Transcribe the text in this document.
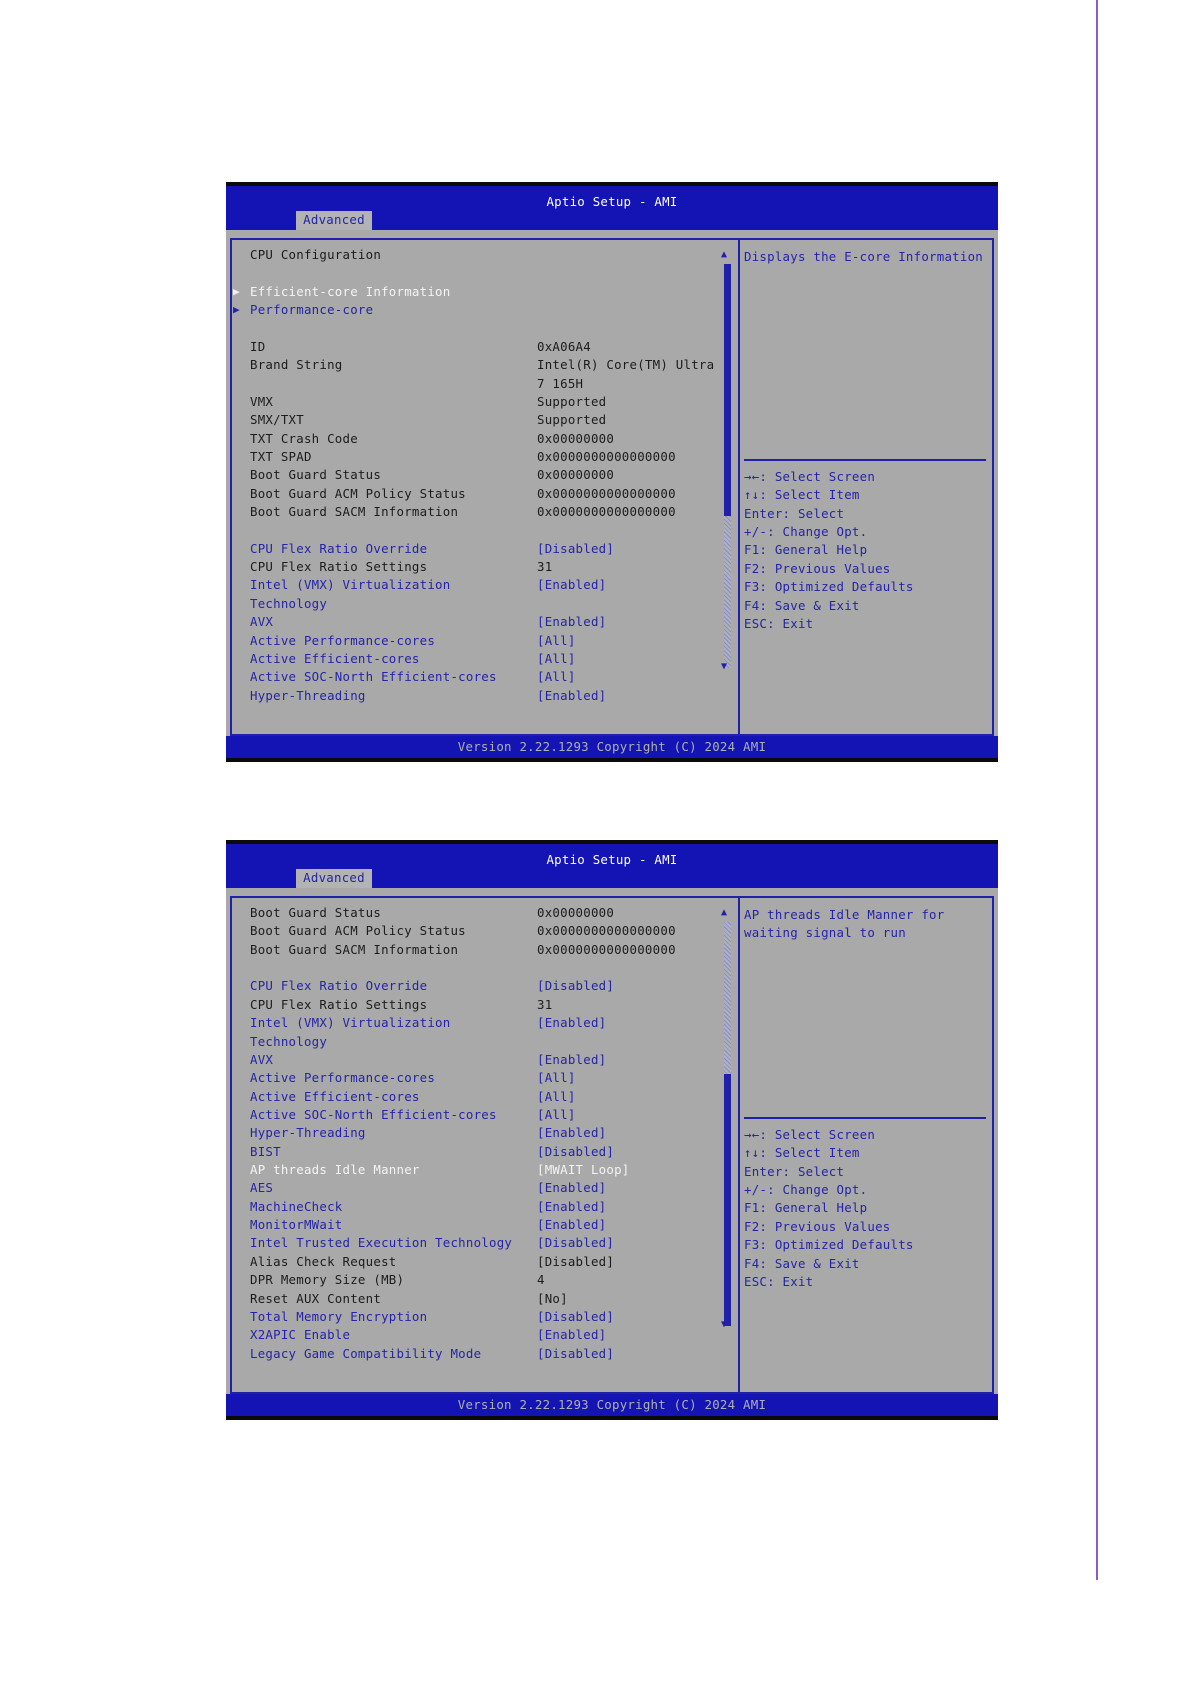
Aptio Setup - AMI
Advanced
CPU Configuration
▶ Efficient-core Information
▶ Performance-core
ID	0xA06A4
Brand String	Intel(R) Core(TM) Ultra
7 165H
VMX	Supported
SMX/TXT	Supported
TXT Crash Code	0x00000000
TXT SPAD	0x0000000000000000
Boot Guard Status	0x00000000
Boot Guard ACM Policy Status	0x0000000000000000
Boot Guard SACM Information	0x0000000000000000
CPU Flex Ratio Override	[Disabled]
CPU Flex Ratio Settings	31
Intel (VMX) Virtualization	[Enabled]
Technology
AVX	[Enabled]
Active Performance-cores	[All]
Active Efficient-cores	[All]
Active SOC-North Efficient-cores	[All]
Hyper-Threading	[Enabled]
▲
▼
Displays the E-core Information
→←: Select Screen
↑↓: Select Item
Enter: Select
+/-: Change Opt.
F1: General Help
F2: Previous Values
F3: Optimized Defaults
F4: Save & Exit
ESC: Exit
Version 2.22.1293 Copyright (C) 2024 AMI
Aptio Setup - AMI
Advanced
Boot Guard Status	0x00000000
Boot Guard ACM Policy Status	0x0000000000000000
Boot Guard SACM Information	0x0000000000000000
CPU Flex Ratio Override	[Disabled]
CPU Flex Ratio Settings	31
Intel (VMX) Virtualization	[Enabled]
Technology
AVX	[Enabled]
Active Performance-cores	[All]
Active Efficient-cores	[All]
Active SOC-North Efficient-cores	[All]
Hyper-Threading	[Enabled]
BIST	[Disabled]
AP threads Idle Manner	[MWAIT Loop]
AES	[Enabled]
MachineCheck	[Enabled]
MonitorMWait	[Enabled]
Intel Trusted Execution Technology [Disabled]
Alias Check Request	[Disabled]
DPR Memory Size (MB)	4
Reset AUX Content	[No]
Total Memory Encryption	[Disabled]
X2APIC Enable	[Enabled]
Legacy Game Compatibility Mode	[Disabled]
▲
▼
AP threads Idle Manner for
waiting signal to run
→←: Select Screen
↑↓: Select Item
Enter: Select
+/-: Change Opt.
F1: General Help
F2: Previous Values
F3: Optimized Defaults
F4: Save & Exit
ESC: Exit
Version 2.22.1293 Copyright (C) 2024 AMI
